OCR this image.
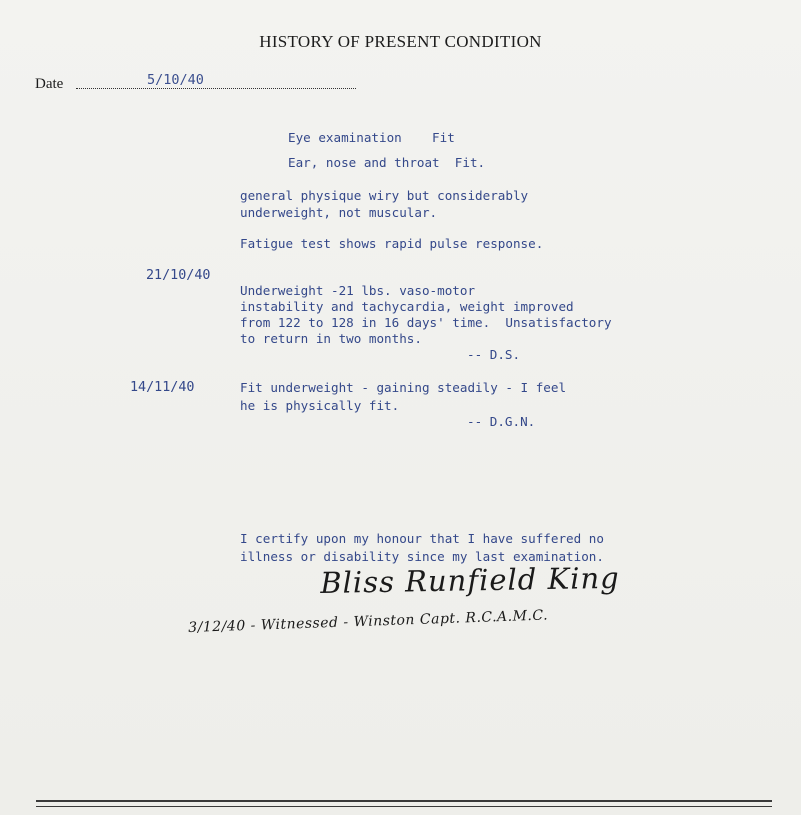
HISTORY OF PRESENT CONDITION
Date	5/10/40
Eye examination    Fit
Ear, nose and throat  Fit.
general physique wiry but considerably
underweight, not muscular.
Fatigue test shows rapid pulse response.
21/10/40
Underweight -21 lbs. vaso-motor
instability and tachycardia, weight improved
from 122 to 128 in 16 days' time.  Unsatisfactory
to return in two months.
-- D.S.
14/11/40	Fit underweight - gaining steadily - I feel
he is physically fit.
-- D.G.N.
I certify upon my honour that I have suffered no
illness or disability since my last examination.
Bliss Runfield King
3/12/40 - Witnessed - Winston Capt. R.C.A.M.C.
